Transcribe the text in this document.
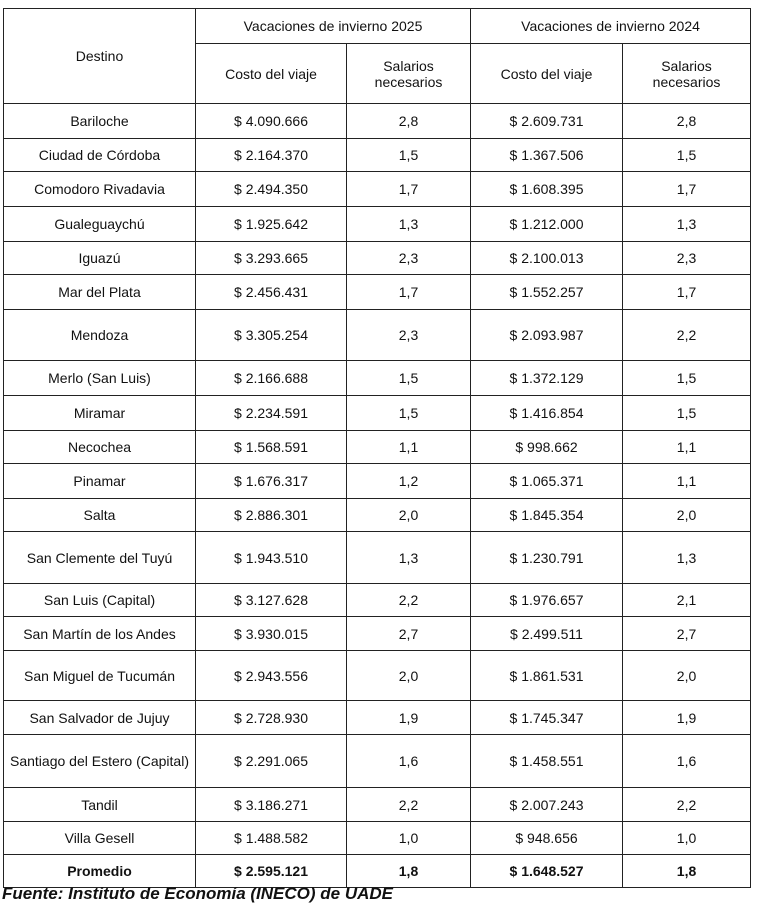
Destino	Vacaciones de invierno 2025		Vacaciones de invierno 2024	
	Costo del viaje	Salarios necesarios	Costo del viaje	Salarios necesarios
Bariloche	$ 4.090.666	2,8	$ 2.609.731	2,8
Ciudad de Córdoba	$ 2.164.370	1,5	$ 1.367.506	1,5
Comodoro Rivadavia	$ 2.494.350	1,7	$ 1.608.395	1,7
Gualeguaychú	$ 1.925.642	1,3	$ 1.212.000	1,3
Iguazú	$ 3.293.665	2,3	$ 2.100.013	2,3
Mar del Plata	$ 2.456.431	1,7	$ 1.552.257	1,7
Mendoza	$ 3.305.254	2,3	$ 2.093.987	2,2
Merlo (San Luis)	$ 2.166.688	1,5	$ 1.372.129	1,5
Miramar	$ 2.234.591	1,5	$ 1.416.854	1,5
Necochea	$ 1.568.591	1,1	$ 998.662	1,1
Pinamar	$ 1.676.317	1,2	$ 1.065.371	1,1
Salta	$ 2.886.301	2,0	$ 1.845.354	2,0
San Clemente del Tuyú	$ 1.943.510	1,3	$ 1.230.791	1,3
San Luis (Capital)	$ 3.127.628	2,2	$ 1.976.657	2,1
San Martín de los Andes	$ 3.930.015	2,7	$ 2.499.511	2,7
San Miguel de Tucumán	$ 2.943.556	2,0	$ 1.861.531	2,0
San Salvador de Jujuy	$ 2.728.930	1,9	$ 1.745.347	1,9
Santiago del Estero (Capital)	$ 2.291.065	1,6	$ 1.458.551	1,6
Tandil	$ 3.186.271	2,2	$ 2.007.243	2,2
Villa Gesell	$ 1.488.582	1,0	$ 948.656	1,0
Promedio	$ 2.595.121	1,8	$ 1.648.527	1,8
Fuente: Instituto de Economía (INECO) de UADE
